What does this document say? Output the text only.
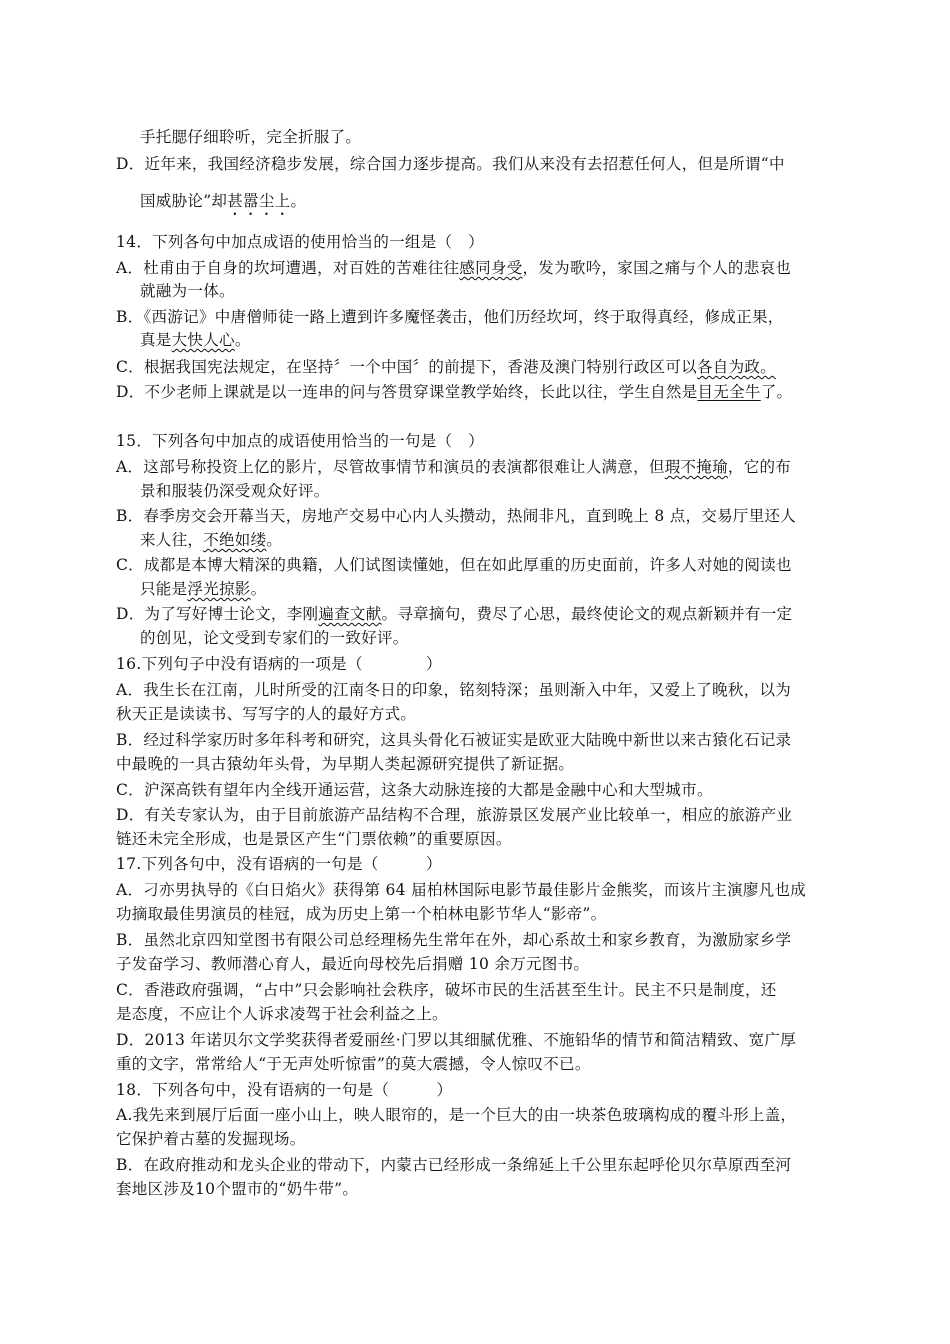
手托腮仔细聆听，完全折服了。
D．近年来，我国经济稳步发展，综合国力逐步提高。我们从来没有去招惹任何人，但是所谓“中
国威胁论”却甚嚣尘上。
14．下列各句中加点成语的使用恰当的一组是（　）
A．杜甫由于自身的坎坷遭遇，对百姓的苦难往往感同身受，发为歌吟，家国之痛与个人的悲哀也
就融为一体。
B．《西游记》中唐僧师徒一路上遭到许多魔怪袭击，他们历经坎坷，终于取得真经，修成正果，
真是大快人心。
C．根据我国宪法规定，在坚持〞一个中国〞的前提下，香港及澳门特别行政区可以各自为政。
D．不少老师上课就是以一连串的问与答贯穿课堂教学始终，长此以往，学生自然是目无全牛了。
15．下列各句中加点的成语使用恰当的一句是（　）
A．这部号称投资上亿的影片，尽管故事情节和演员的表演都很难让人满意，但瑕不掩瑜，它的布
景和服装仍深受观众好评。
B．春季房交会开幕当天，房地产交易中心内人头攒动，热闹非凡，直到晚上 8 点，交易厅里还人
来人往，不绝如缕。
C．成都是本博大精深的典籍，人们试图读懂她，但在如此厚重的历史面前，许多人对她的阅读也
只能是浮光掠影。
D．为了写好博士论文，李刚遍查文献。寻章摘句，费尽了心思，最终使论文的观点新颖并有一定
的创见，论文受到专家们的一致好评。
16.下列句子中没有语病的一项是（　　　　）
A．我生长在江南，儿时所受的江南冬日的印象，铭刻特深；虽则渐入中年，又爱上了晚秋，以为
秋天正是读读书、写写字的人的最好方式。
B．经过科学家历时多年科考和研究，这具头骨化石被证实是欧亚大陆晚中新世以来古猿化石记录
中最晚的一具古猿幼年头骨，为早期人类起源研究提供了新证据。
C．沪深高铁有望年内全线开通运营，这条大动脉连接的大都是金融中心和大型城市。
D．有关专家认为，由于目前旅游产品结构不合理，旅游景区发展产业比较单一，相应的旅游产业
链还未完全形成，也是景区产生“门票依赖”的重要原因。
17.下列各句中，没有语病的一句是（　　　）
A．刁亦男执导的《白日焰火》获得第 64 届柏林国际电影节最佳影片金熊奖，而该片主演廖凡也成
功摘取最佳男演员的桂冠，成为历史上第一个柏林电影节华人“影帝”。
B．虽然北京四知堂图书有限公司总经理杨先生常年在外，却心系故土和家乡教育，为激励家乡学
子发奋学习、教师潜心育人，最近向母校先后捐赠 10 余万元图书。
C．香港政府强调，“占中”只会影响社会秩序，破坏市民的生活甚至生计。民主不只是制度，还
是态度，不应让个人诉求凌驾于社会利益之上。
D．2013 年诺贝尔文学奖获得者爱丽丝·门罗以其细腻优雅、不施铅华的情节和简洁精致、宽广厚
重的文字，常常给人“于无声处听惊雷”的莫大震撼，令人惊叹不已。
18．下列各句中，没有语病的一句是（　　　）
A.我先来到展厅后面一座小山上，映人眼帘的，是一个巨大的由一块茶色玻璃构成的覆斗形上盖，
它保护着古墓的发掘现场。
B．在政府推动和龙头企业的带动下，内蒙古已经形成一条绵延上千公里东起呼伦贝尔草原西至河
套地区涉及10个盟市的“奶牛带”。
